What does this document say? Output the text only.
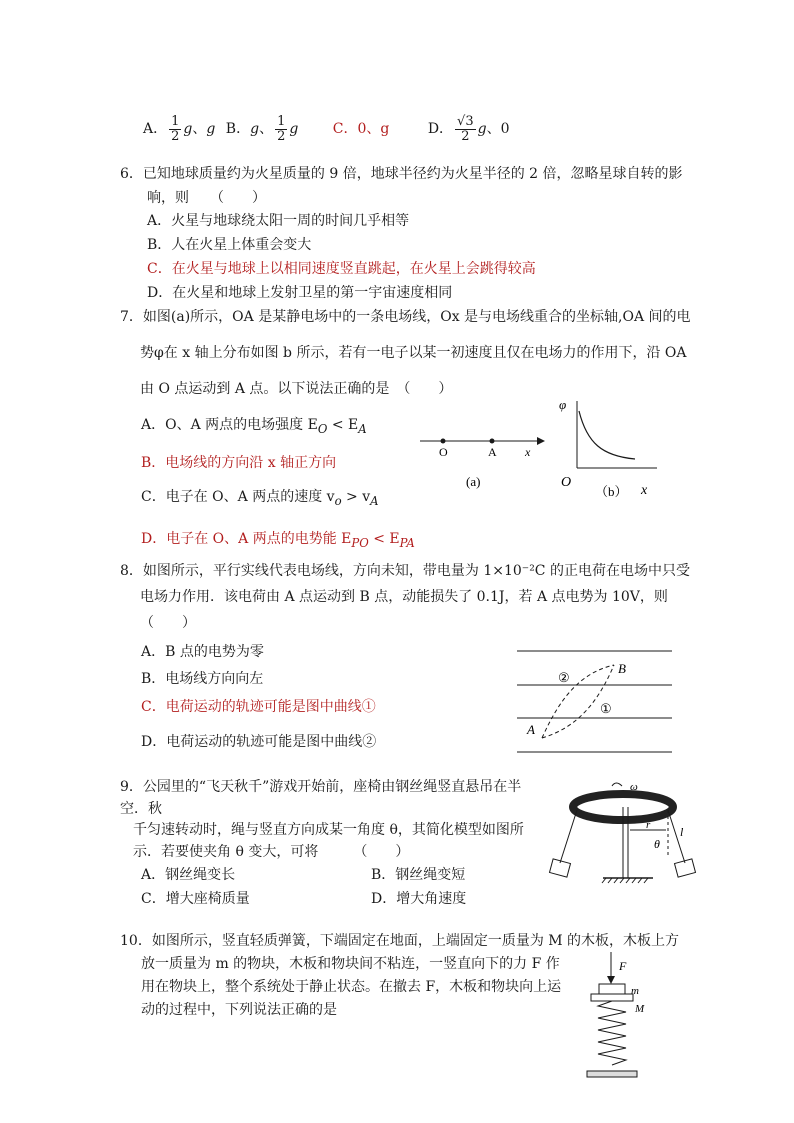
A． $\frac{1}{2}$ g、g B．g、 $\frac{1}{2}$ g C．0、g	D． $\frac{√3}{2}$ g、0
6．已知地球质量约为火星质量的 9 倍，地球半径约为火星半径的 2 倍，忽略星球自转的影
响，则　　（　　）
A．火星与地球绕太阳一周的时间几乎相等
B．人在火星上体重会变大
C．在火星与地球上以相同速度竖直跳起，在火星上会跳得较高
D．在火星和地球上发射卫星的第一宇宙速度相同
7．如图(a)所示，OA 是某静电场中的一条电场线，Ox 是与电场线重合的坐标轴,OA 间的电
势φ在 x 轴上分布如图 b 所示，若有一电子以某一初速度且仅在电场力的作用下，沿 OA
由 O 点运动到 A 点。以下说法正确的是　（　　）
A．O、A 两点的电场强度 $E_O < E_A$
B．电场线的方向沿 x 轴正方向
C．电子在 O、A 两点的速度 $v_o > v_A$
D．电子在 O、A 两点的电势能 $E_{PO} < E_{PA}$
O	A x
(a)
φ
O
（b） x
8．如图所示，平行实线代表电场线，方向未知，带电量为 1×10⁻²C 的正电荷在电场中只受
电场力作用．该电荷由 A 点运动到 B 点，动能损失了 0.1J，若 A 点电势为 10V，则
（　　）
A．B 点的电势为零
B．电场线方向向左
C．电荷运动的轨迹可能是图中曲线①
D．电荷运动的轨迹可能是图中曲线②
A
B
②
①
9．公园里的“飞天秋千”游戏开始前，座椅由钢丝绳竖直悬吊在半
空．秋
千匀速转动时，绳与竖直方向成某一角度 θ，其简化模型如图所
示．若要使夹角 θ 变大，可将　　　（　　）
A．钢丝绳变长	B．钢丝绳变短
C．增大座椅质量	D．增大角速度
ω
r l
θ
10．如图所示，竖直轻质弹簧，下端固定在地面，上端固定一质量为 M 的木板，木板上方
放一质量为 m 的物块，木板和物块间不粘连，一竖直向下的力 F 作
用在物块上，整个系统处于静止状态。在撤去 F，木板和物块向上运
动的过程中，下列说法正确的是
F
m
M
